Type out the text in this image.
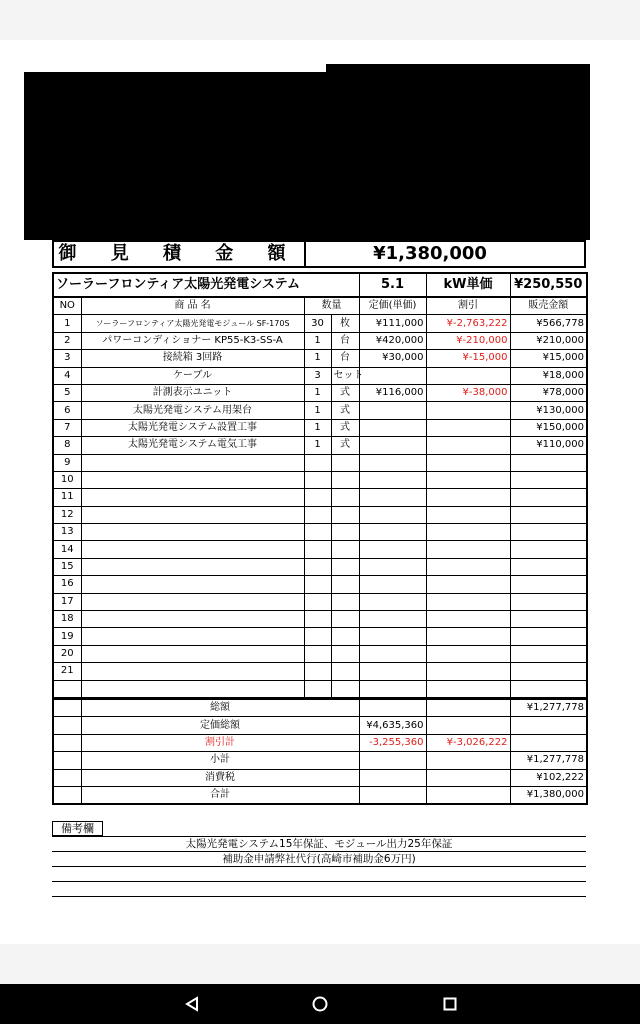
御 見 積 金 額	¥1,380,000
ソーラーフロンティア太陽光発電システム				5.1	kW単価	¥250,550
NO	商 品 名	数量		定価(単価)	割引	販売金額
1	ソーラーフロンティア太陽光発電モジュール SF-170S	30	枚	¥111,000	¥-2,763,222	¥566,778
2	パワーコンディショナー KP55-K3-SS-A	1	台	¥420,000	¥-210,000	¥210,000
3	接続箱 3回路	1	台	¥30,000	¥-15,000	¥15,000
4	ケーブル	3	セット			¥18,000
5	計測表示ユニット	1	式	¥116,000	¥-38,000	¥78,000
6	太陽光発電システム用架台	1	式			¥130,000
7	太陽光発電システム設置工事	1	式			¥150,000
8	太陽光発電システム電気工事	1	式			¥110,000
9						
10						
11						
12						
13						
14						
15						
16						
17						
18						
19						
20						
21						

	総額					¥1,277,778
	定価総額			¥4,635,360		
	割引計			-3,255,360	¥-3,026,222	
	小計					¥1,277,778
	消費税					¥102,222
	合計					¥1,380,000
備考欄
太陽光発電システム15年保証、モジュール出力25年保証
補助金申請弊社代行(高崎市補助金6万円)
